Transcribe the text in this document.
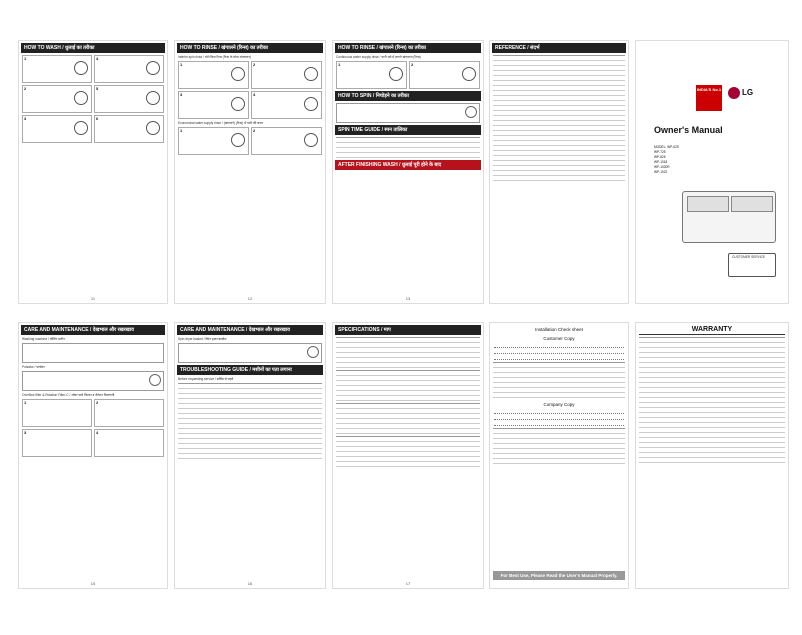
HOW TO WASH / धुलाई का तरीका
1	4
2	5
3	6
11
HOW TO RINSE / खंगालने (रिन्स) का तरीका
Interim spin rinse / धोने बिना रिन्स (रिन्स के धोवा अंतरालन)
1	2
3	4
Economical water supply rinse / (खंगालने) (रिन्स) में पानी की बचत
1	2
12
HOW TO RINSE / खंगालने (रिन्स) का तरीका
Continuous water supply rinse / पानी चर्म में लगाते खंगालना (रिन्स)
1	2
HOW TO SPIN / निचोड़ने का तरीका
SPIN TIME GUIDE / स्पन तालिका
AFTER FINISHING WASH / धुलाई पूरी होने के बाद
13
REFERENCE / संदर्भ
INDIA'S No.1	LG
Owner's Manual
MODEL: WP-625
WP-725
WP-825
WP-1018
WP-1020R
WP-1022
CUSTOMER SERVICE
CARE AND MAINTENANCE / देखभाल और रखरखाव
Washing machine / वॉशिंग मशीन
Pulsator / पल्सेटर
Overflow filter & Rotation Filter-C / ओवर फ्लो फिल्टर व रोटेशन फिल्टरशी
1	2
3	4
15
CARE AND MAINTENANCE / देखभाल और रखरखाव
Spin dryer basket / स्पिन ड्रायर बास्केट
TROUBLESHOOTING GUIDE / मशीनों का पता लगाना
Before requesting service / सर्विस से पहले
16
SPECIFICATIONS / माप
17
Installation Check sheet
Customer Copy
Company Copy
For Best Use, Please Read the User's Manual Properly.
WARRANTY
